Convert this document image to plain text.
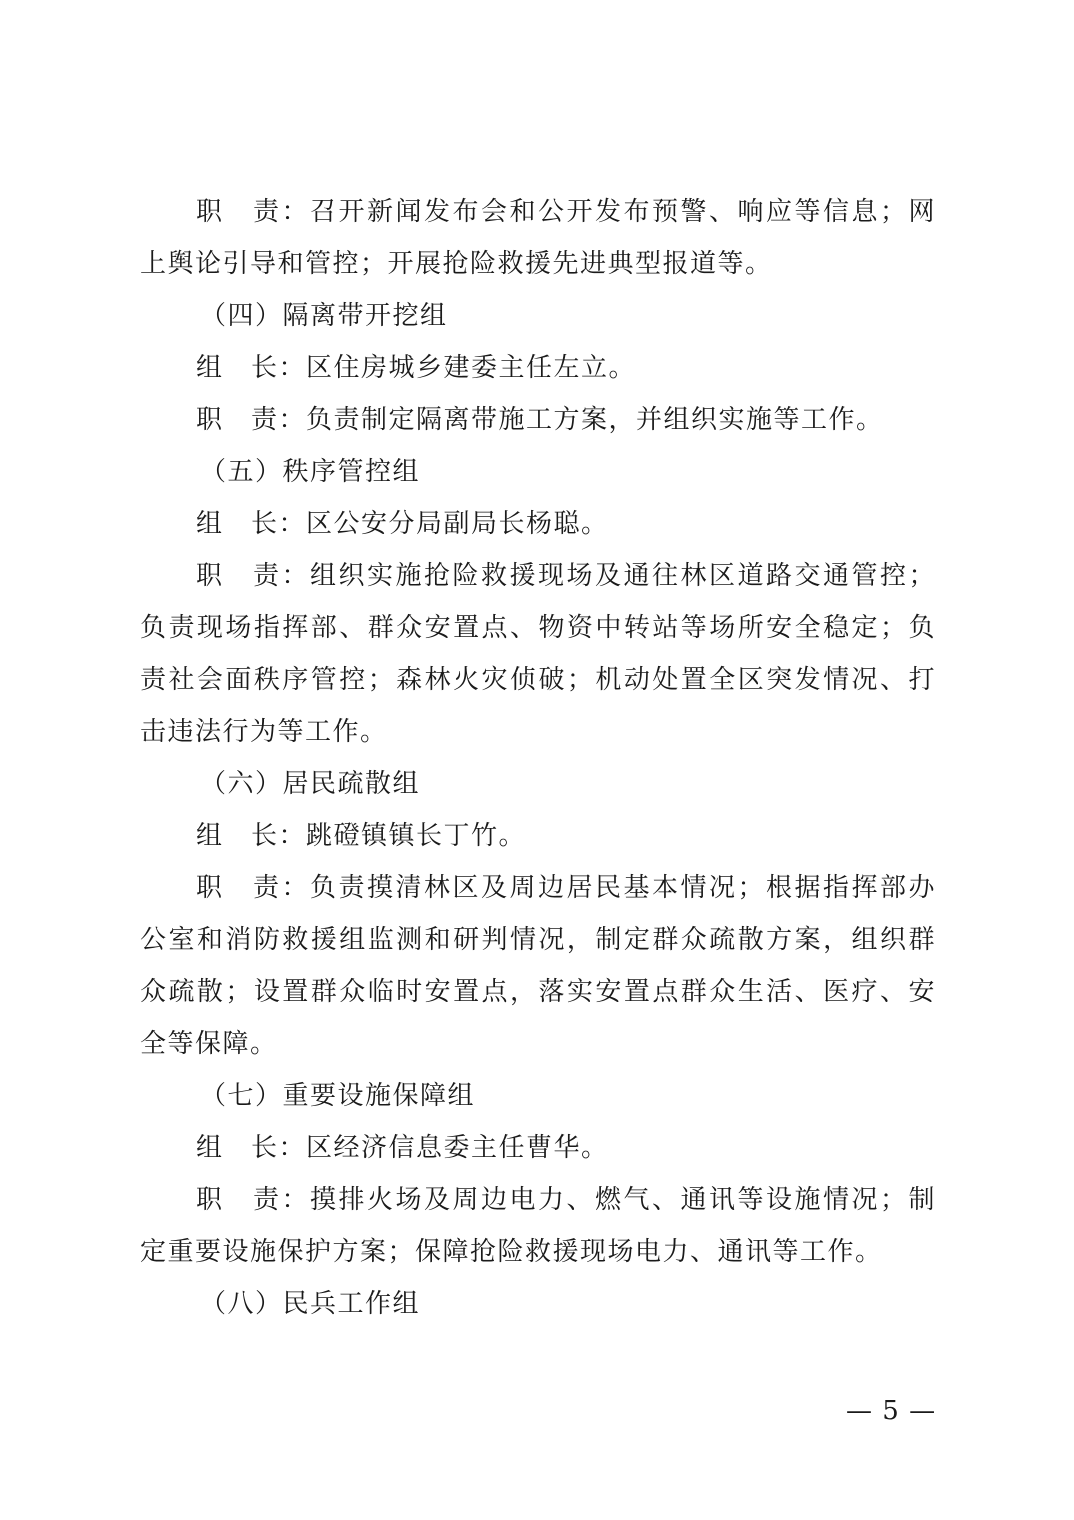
职　责：召开新闻发布会和公开发布预警、响应等信息；网上舆论引导和管控；开展抢险救援先进典型报道等。

（四）隔离带开挖组

组　长：区住房城乡建委主任左立。

职　责：负责制定隔离带施工方案，并组织实施等工作。

（五）秩序管控组

组　长：区公安分局副局长杨聪。

职　责：组织实施抢险救援现场及通往林区道路交通管控；负责现场指挥部、群众安置点、物资中转站等场所安全稳定；负责社会面秩序管控；森林火灾侦破；机动处置全区突发情况、打击违法行为等工作。

（六）居民疏散组

组　长：跳磴镇镇长丁竹。

职　责：负责摸清林区及周边居民基本情况；根据指挥部办公室和消防救援组监测和研判情况，制定群众疏散方案，组织群众疏散；设置群众临时安置点，落实安置点群众生活、医疗、安全等保障。

（七）重要设施保障组

组　长：区经济信息委主任曹华。

职　责：摸排火场及周边电力、燃气、通讯等设施情况；制定重要设施保护方案；保障抢险救援现场电力、通讯等工作。

（八）民兵工作组

— 5 —
